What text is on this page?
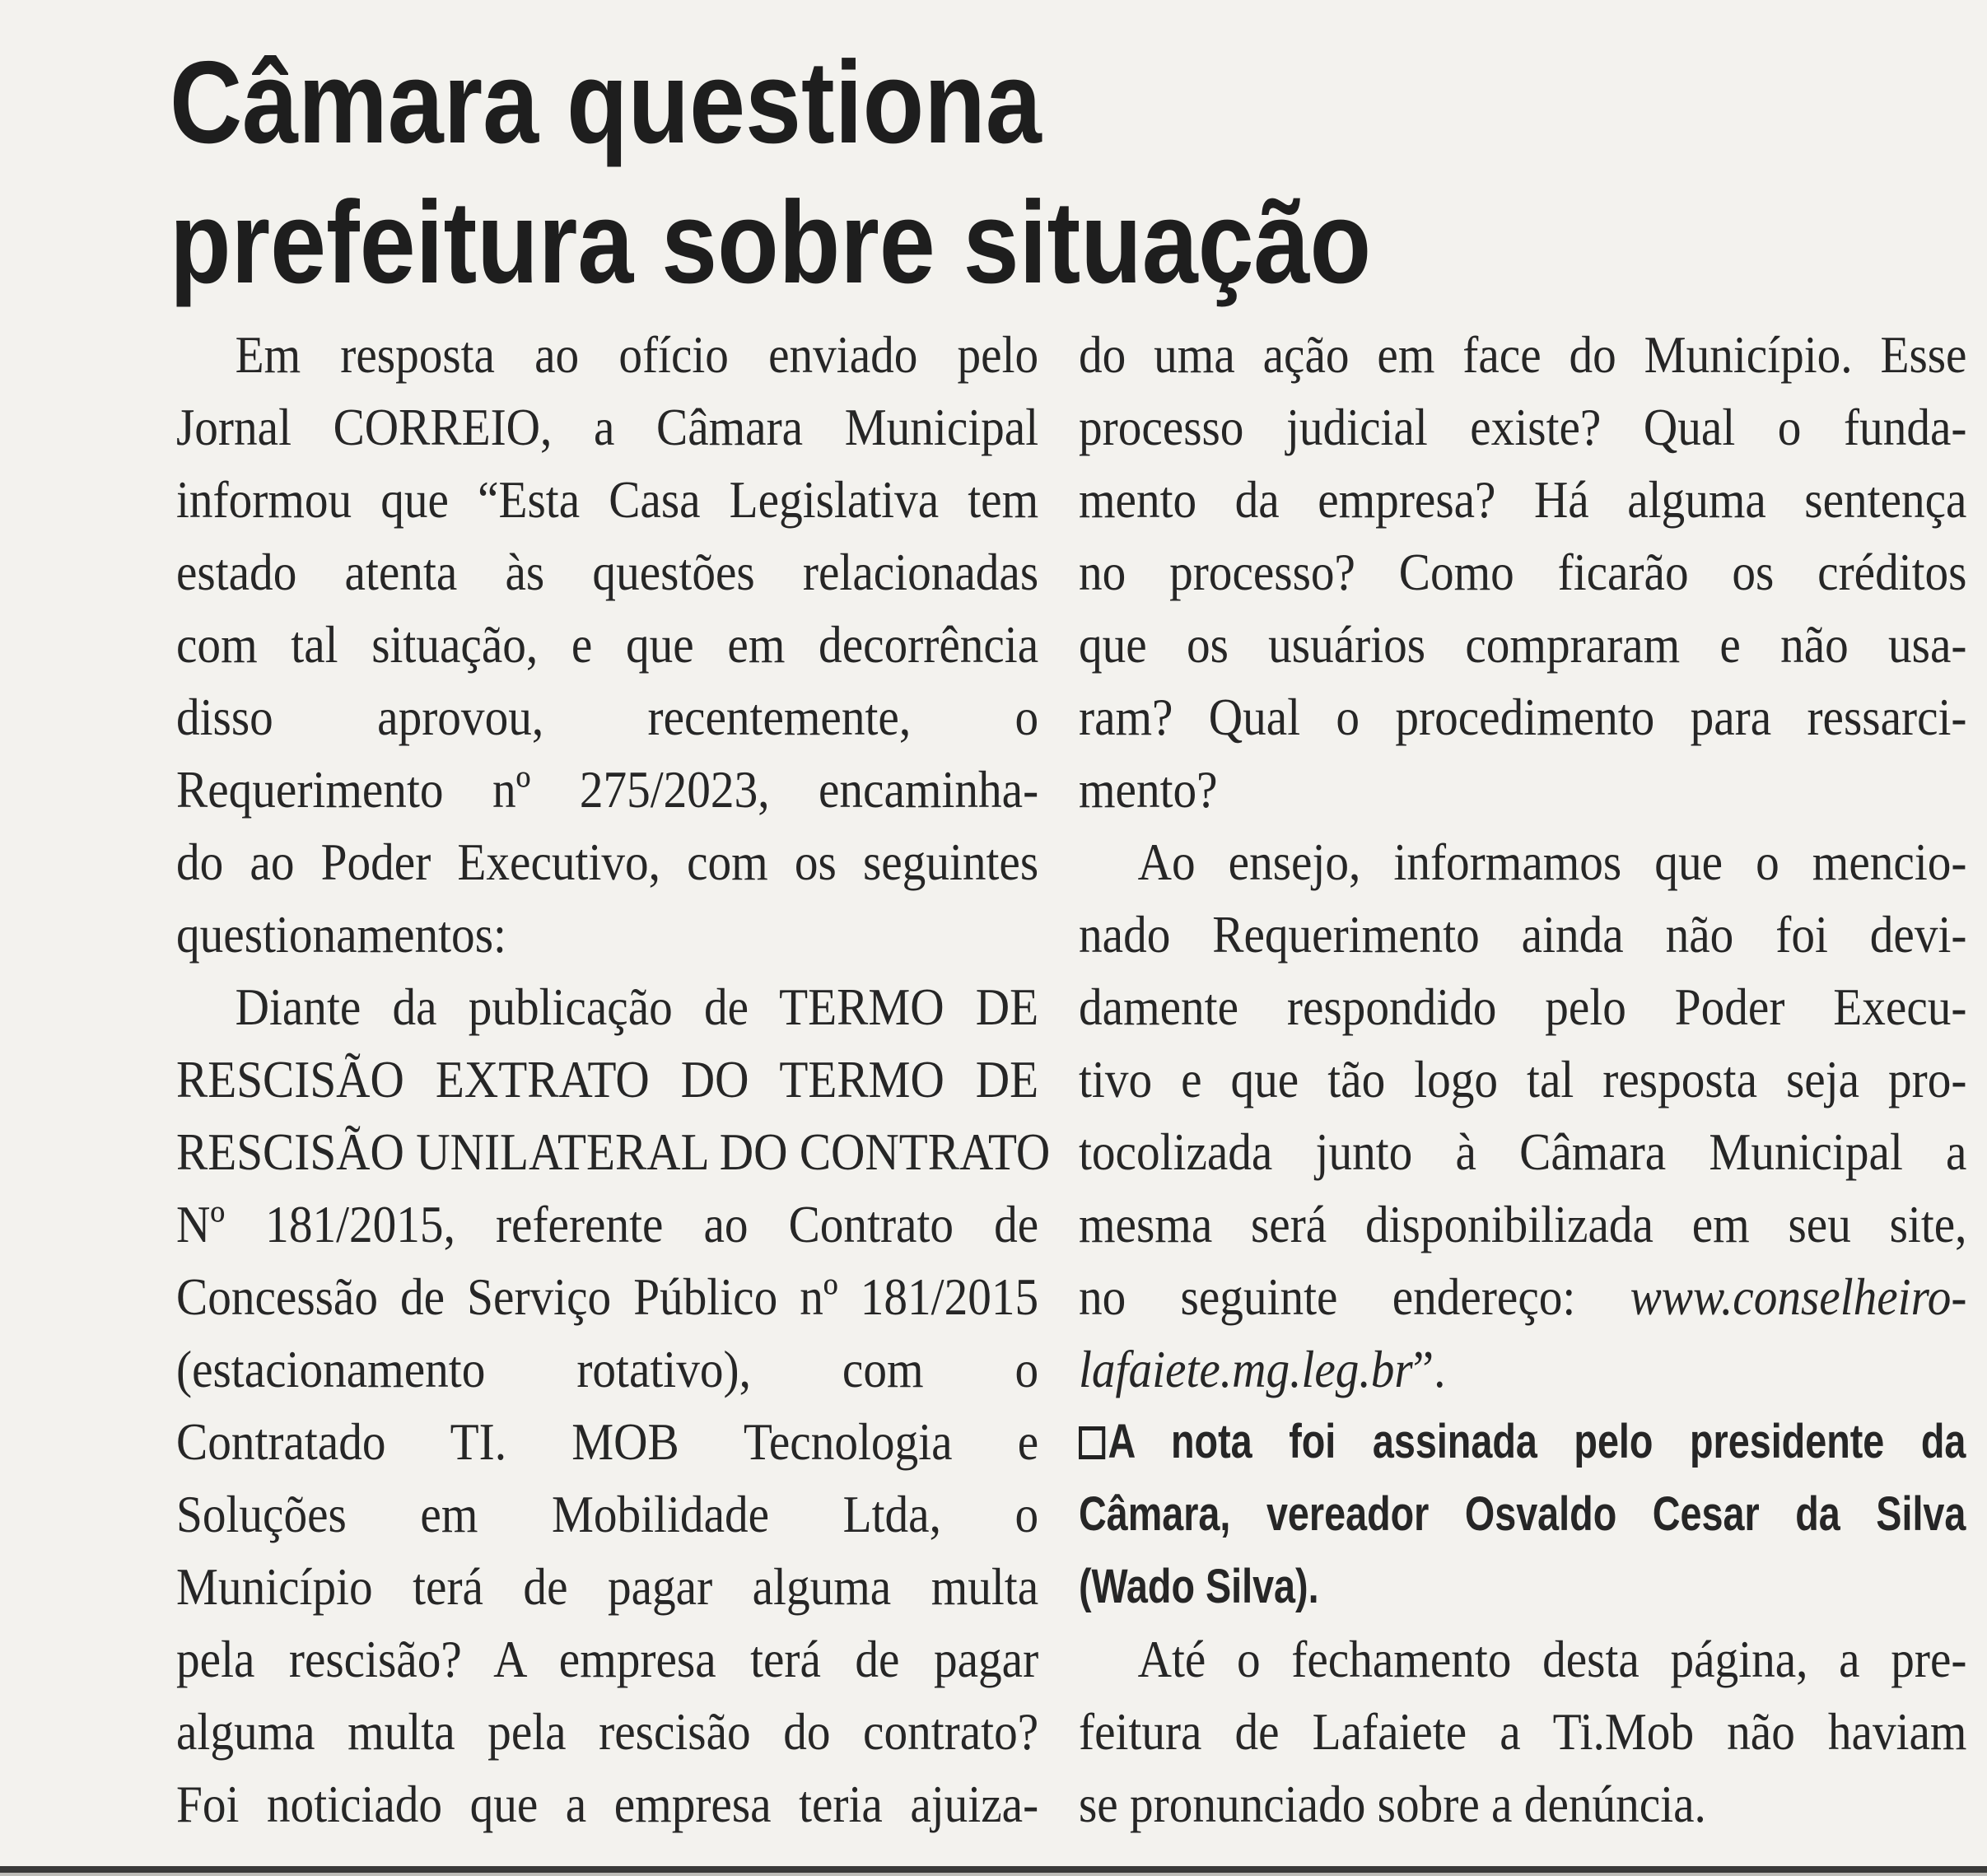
Câmara questiona
prefeitura sobre situação
Em resposta ao ofício enviado pelo
Jornal CORREIO, a Câmara Municipal
informou que “Esta Casa Legislativa tem
estado atenta às questões relacionadas
com tal situação, e que em decorrência
disso aprovou, recentemente, o
Requerimento nº 275/2023, encaminha-
do ao Poder Executivo, com os seguintes
questionamentos:
Diante da publicação de TERMO DE
RESCISÃO EXTRATO DO TERMO DE
RESCISÃO UNILATERAL DO CONTRATO
Nº 181/2015, referente ao Contrato de
Concessão de Serviço Público nº 181/2015
(estacionamento rotativo), com o
Contratado TI. MOB Tecnologia e
Soluções em Mobilidade Ltda, o
Município terá de pagar alguma multa
pela rescisão? A empresa terá de pagar
alguma multa pela rescisão do contrato?
Foi noticiado que a empresa teria ajuiza-
do uma ação em face do Município. Esse
processo judicial existe? Qual o funda-
mento da empresa? Há alguma sentença
no processo? Como ficarão os créditos
que os usuários compraram e não usa-
ram? Qual o procedimento para ressarci-
mento?
Ao ensejo, informamos que o mencio-
nado Requerimento ainda não foi devi-
damente respondido pelo Poder Execu-
tivo e que tão logo tal resposta seja pro-
tocolizada junto à Câmara Municipal a
mesma será disponibilizada em seu site,
no seguinte endereço: www.conselheiro-
lafaiete.mg.leg.br”.
A nota foi assinada pelo presidente da
Câmara, vereador Osvaldo Cesar da Silva
(Wado Silva).
Até o fechamento desta página, a pre-
feitura de Lafaiete a Ti.Mob não haviam
se pronunciado sobre a denúncia.
